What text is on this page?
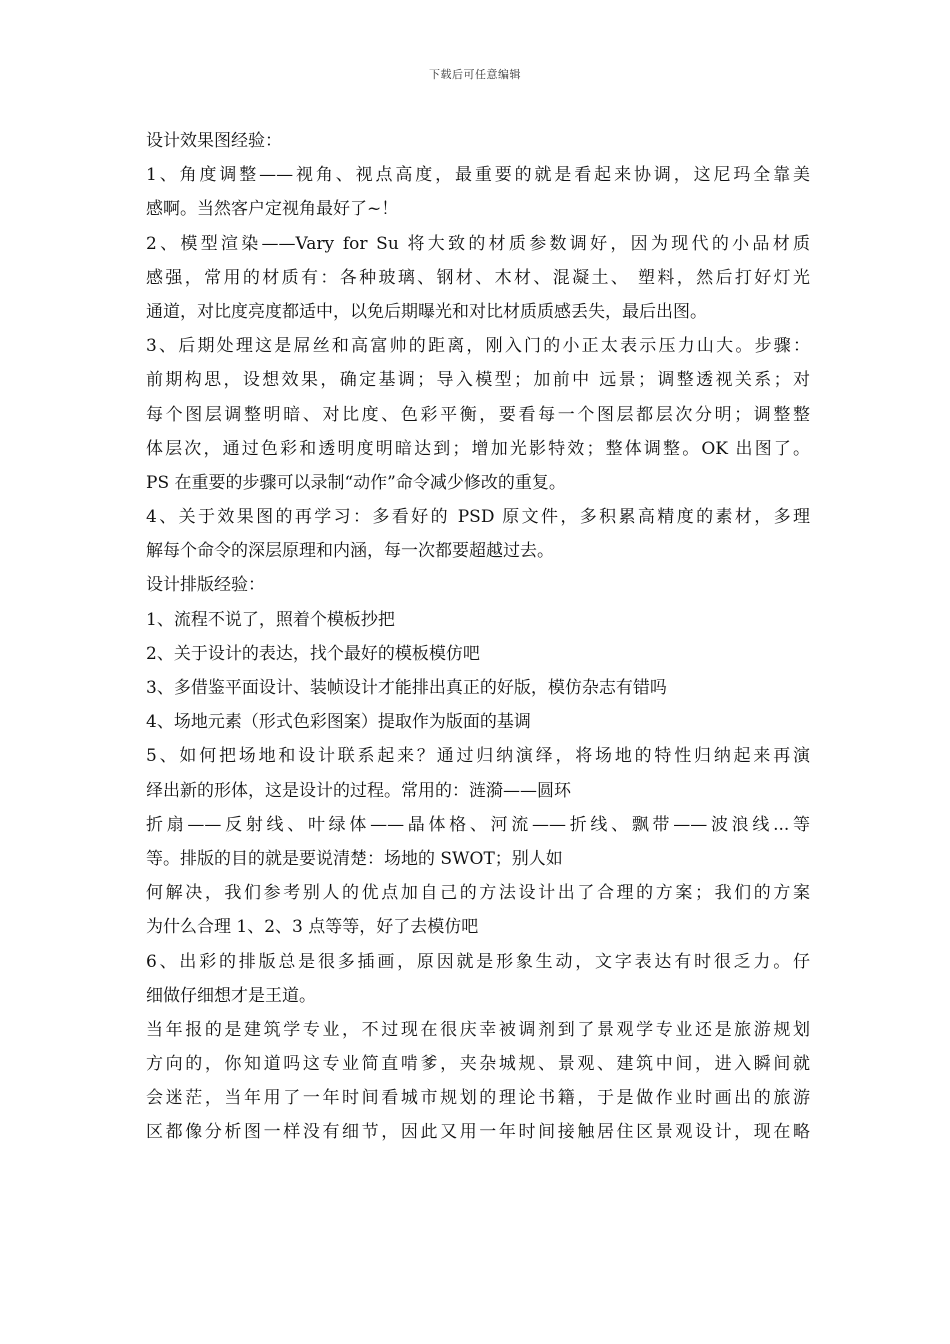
下载后可任意编辑
设计效果图经验：
1、角度调整——视角、视点高度，最重要的就是看起来协调，这尼玛全靠美
感啊。当然客户定视角最好了~！
2、模型渲染——Vary for Su 将大致的材质参数调好，因为现代的小品材质
感强，常用的材质有：各种玻璃、钢材、木材、混凝土、 塑料，然后打好灯光
通道，对比度亮度都适中，以免后期曝光和对比材质质感丢失，最后出图。
3、后期处理这是屌丝和高富帅的距离，刚入门的小正太表示压力山大。步骤：
前期构思，设想效果，确定基调；导入模型；加前中 远景；调整透视关系；对
每个图层调整明暗、对比度、色彩平衡，要看每一个图层都层次分明；调整整
体层次，通过色彩和透明度明暗达到；增加光影特效；整体调整。OK 出图了。
PS 在重要的步骤可以录制“动作”命令减少修改的重复。
4、关于效果图的再学习：多看好的 PSD 原文件，多积累高精度的素材，多理
解每个命令的深层原理和内涵，每一次都要超越过去。
设计排版经验：
1、流程不说了，照着个模板抄把
2、关于设计的表达，找个最好的模板模仿吧
3、多借鉴平面设计、装帧设计才能排出真正的好版，模仿杂志有错吗
4、场地元素（形式色彩图案）提取作为版面的基调
5、如何把场地和设计联系起来？通过归纳演绎，将场地的特性归纳起来再演
绎出新的形体，这是设计的过程。常用的：涟漪——圆环
折扇——反射线、叶绿体——晶体格、河流——折线、飘带——波浪线...等
等。排版的目的就是要说清楚：场地的 SWOT；别人如
何解决，我们参考别人的优点加自己的方法设计出了合理的方案；我们的方案
为什么合理 1、2、3 点等等，好了去模仿吧
6、出彩的排版总是很多插画，原因就是形象生动，文字表达有时很乏力。仔
细做仔细想才是王道。
当年报的是建筑学专业，不过现在很庆幸被调剂到了景观学专业还是旅游规划
方向的，你知道吗这专业简直啃爹，夹杂城规、景观、建筑中间，进入瞬间就
会迷茫，当年用了一年时间看城市规划的理论书籍，于是做作业时画出的旅游
区都像分析图一样没有细节，因此又用一年时间接触居住区景观设计，现在略
